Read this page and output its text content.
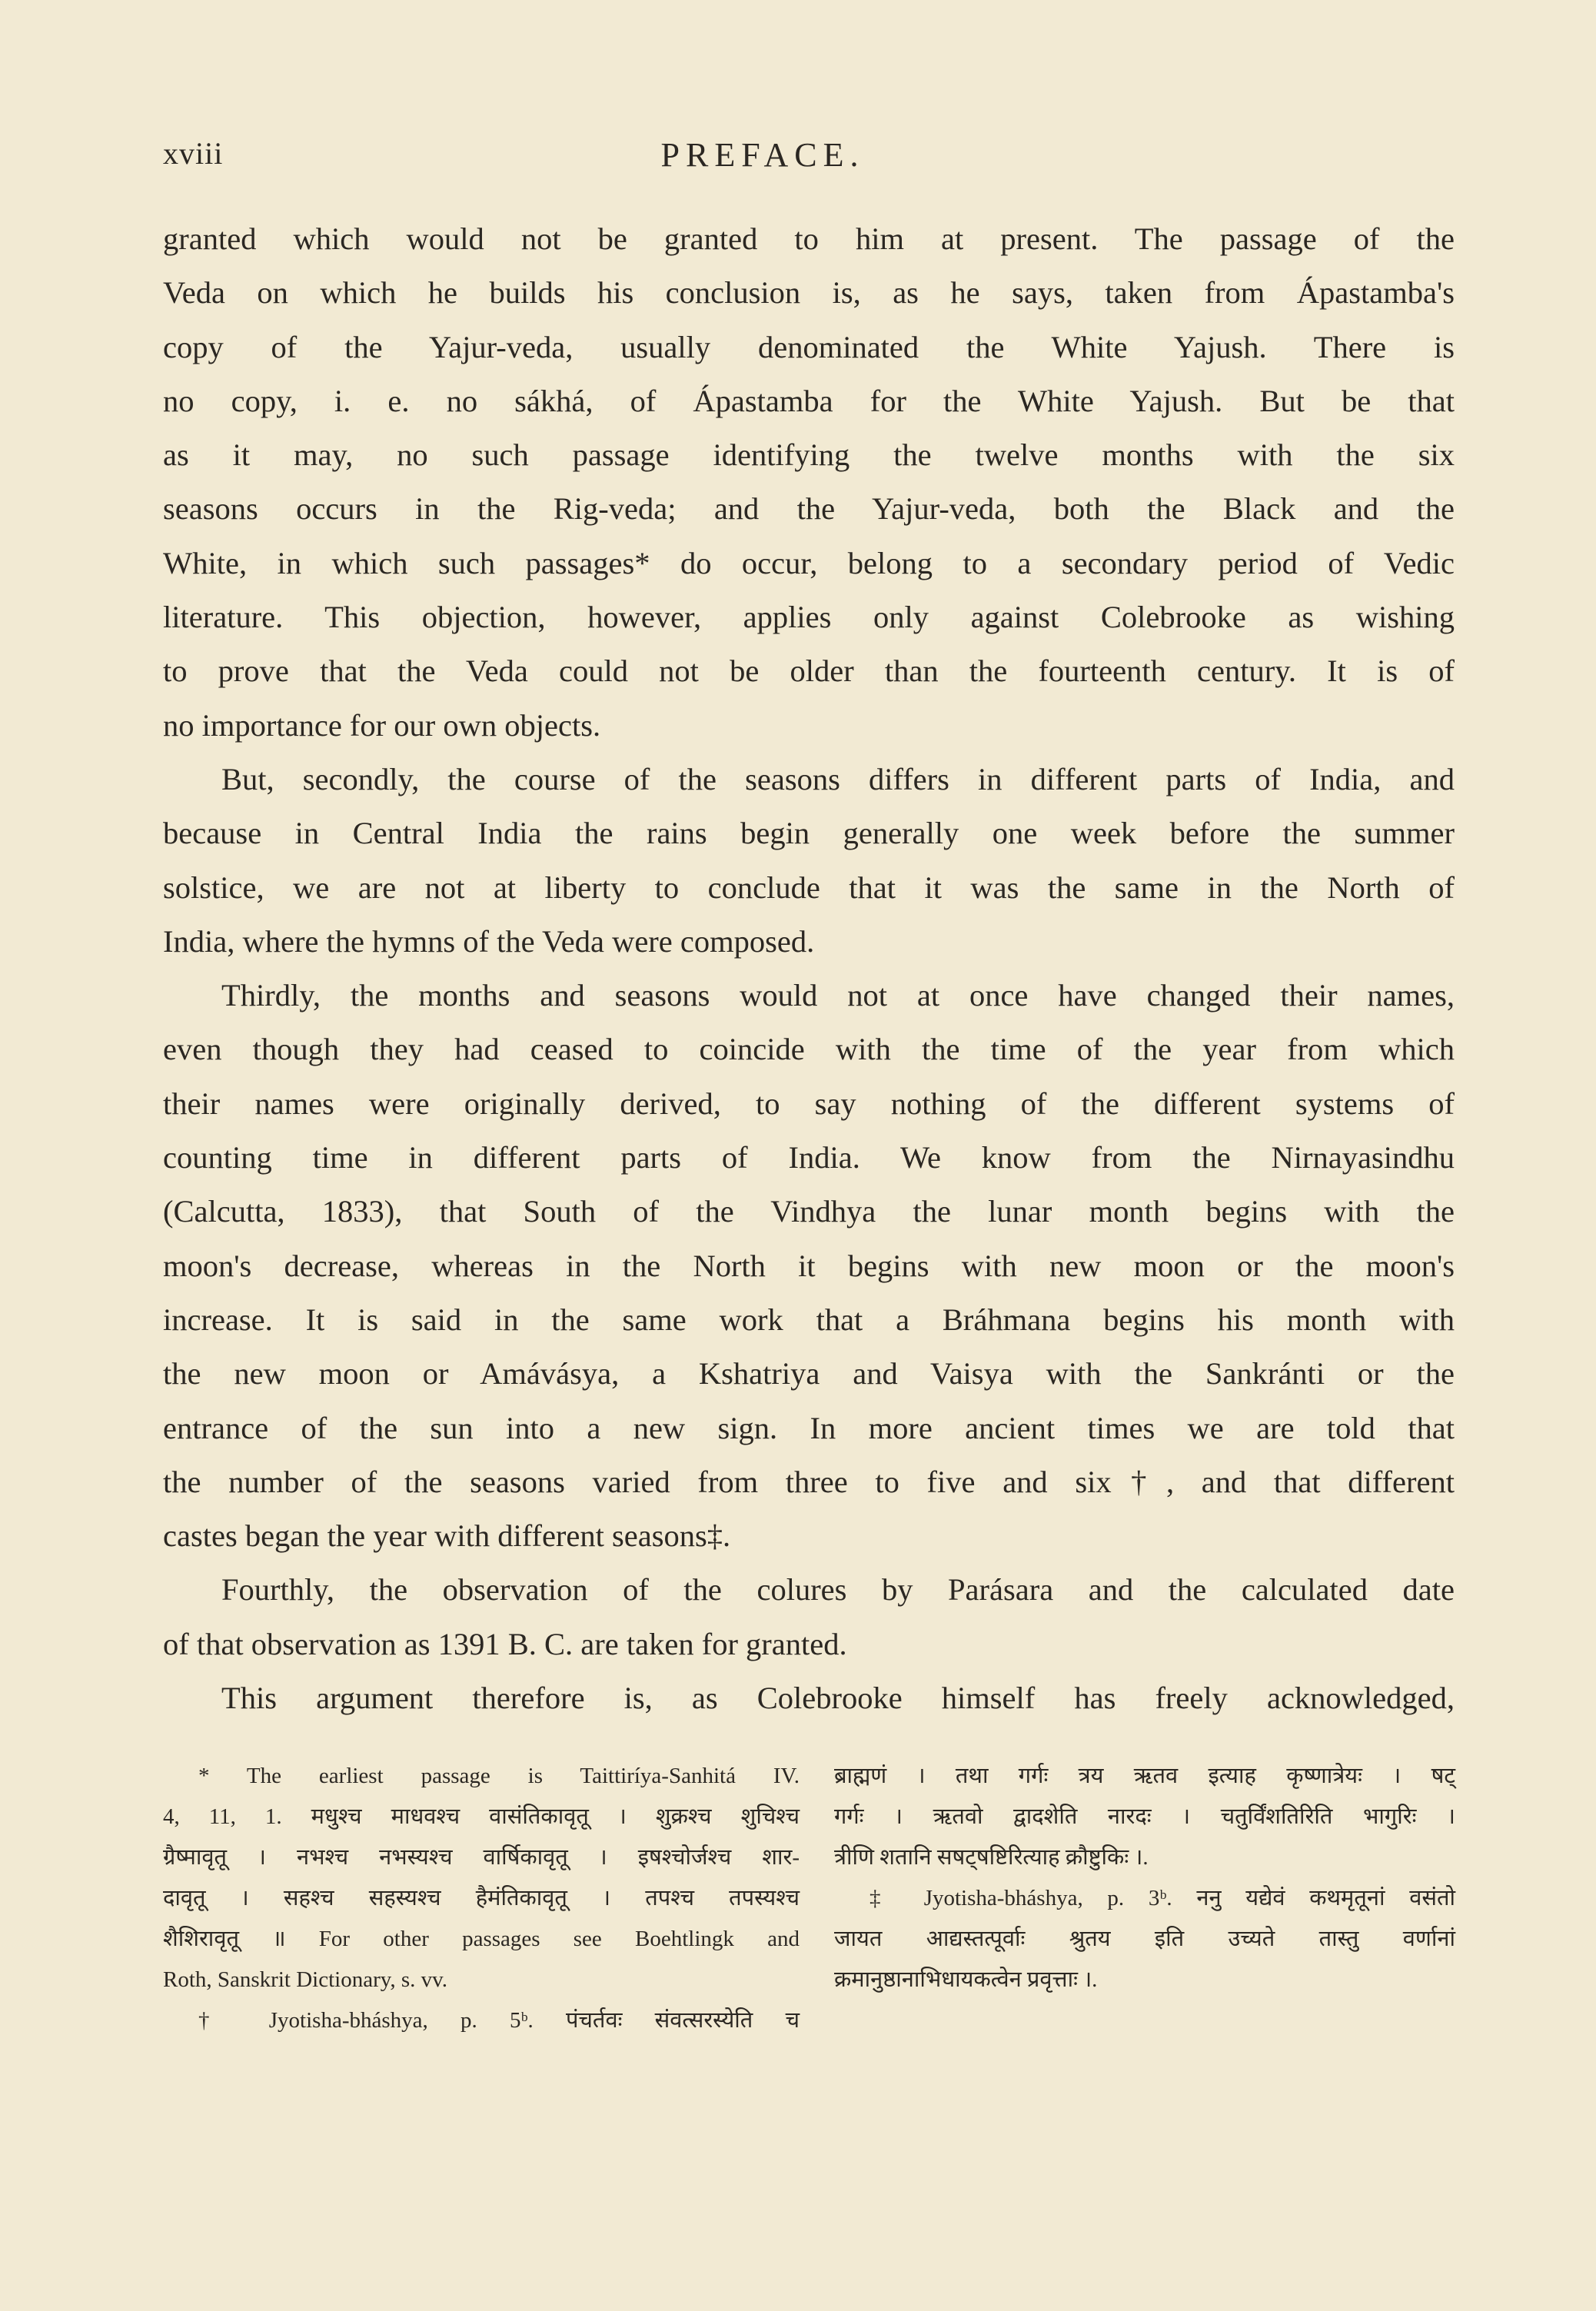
xviii	PREFACE.
granted which would not be granted to him at present. The passage of the
Veda on which he builds his conclusion is, as he says, taken from Ápastamba's
copy of the Yajur-veda, usually denominated the White Yajush. There is
no copy, i. e. no sákhá, of Ápastamba for the White Yajush. But be that
as it may, no such passage identifying the twelve months with the six
seasons occurs in the Rig-veda; and the Yajur-veda, both the Black and the
White, in which such passages* do occur, belong to a secondary period of Vedic
literature. This objection, however, applies only against Colebrooke as wishing
to prove that the Veda could not be older than the fourteenth century. It is of
no importance for our own objects.
But, secondly, the course of the seasons differs in different parts of India, and
because in Central India the rains begin generally one week before the summer
solstice, we are not at liberty to conclude that it was the same in the North of
India, where the hymns of the Veda were composed.
Thirdly, the months and seasons would not at once have changed their names,
even though they had ceased to coincide with the time of the year from which
their names were originally derived, to say nothing of the different systems of
counting time in different parts of India. We know from the Nirnayasindhu
(Calcutta, 1833), that South of the Vindhya the lunar month begins with the
moon's decrease, whereas in the North it begins with new moon or the moon's
increase. It is said in the same work that a Bráhmana begins his month with
the new moon or Amávásya, a Kshatriya and Vaisya with the Sankránti or the
entrance of the sun into a new sign. In more ancient times we are told that
the number of the seasons varied from three to five and six†, and that different
castes began the year with different seasons‡.
Fourthly, the observation of the colures by Parásara and the calculated date
of that observation as 1391 B. C. are taken for granted.
This argument therefore is, as Colebrooke himself has freely acknowledged,
* The earliest passage is Taittiríya-Sanhitá IV.
4, 11, 1. मधुश्च माधवश्च वासंतिकावृतू । शुक्रश्च शुचिश्च
ग्रैष्मावृतू । नभश्च नभस्यश्च वार्षिकावृतू । इषश्चोर्जश्च शार-
दावृतू । सहश्च सहस्यश्च हैमंतिकावृतू । तपश्च तपस्यश्च
शैशिरावृतू ॥ For other passages see Boehtlingk and
Roth, Sanskrit Dictionary, s. vv.
† Jyotisha-bháshya, p. 5ᵇ. पंचर्तवः संवत्सरस्येति च
ब्राह्मणं । तथा गर्गः त्रय ऋतव इत्याह कृष्णात्रेयः । षट्
गर्गः । ऋतवो द्वादशेति नारदः । चतुर्विंशतिरिति भागुरिः ।
त्रीणि शतानि सषट्षष्टिरित्याह क्रौष्टुकिः ।.
‡ Jyotisha-bháshya, p. 3ᵇ. ननु यद्येवं कथमृतूनां वसंतो
जायत आद्यस्तत्पूर्वाः श्रुतय इति उच्यते तास्तु वर्णानां
क्रमानुष्ठानाभिधायकत्वेन प्रवृत्ताः ।.
